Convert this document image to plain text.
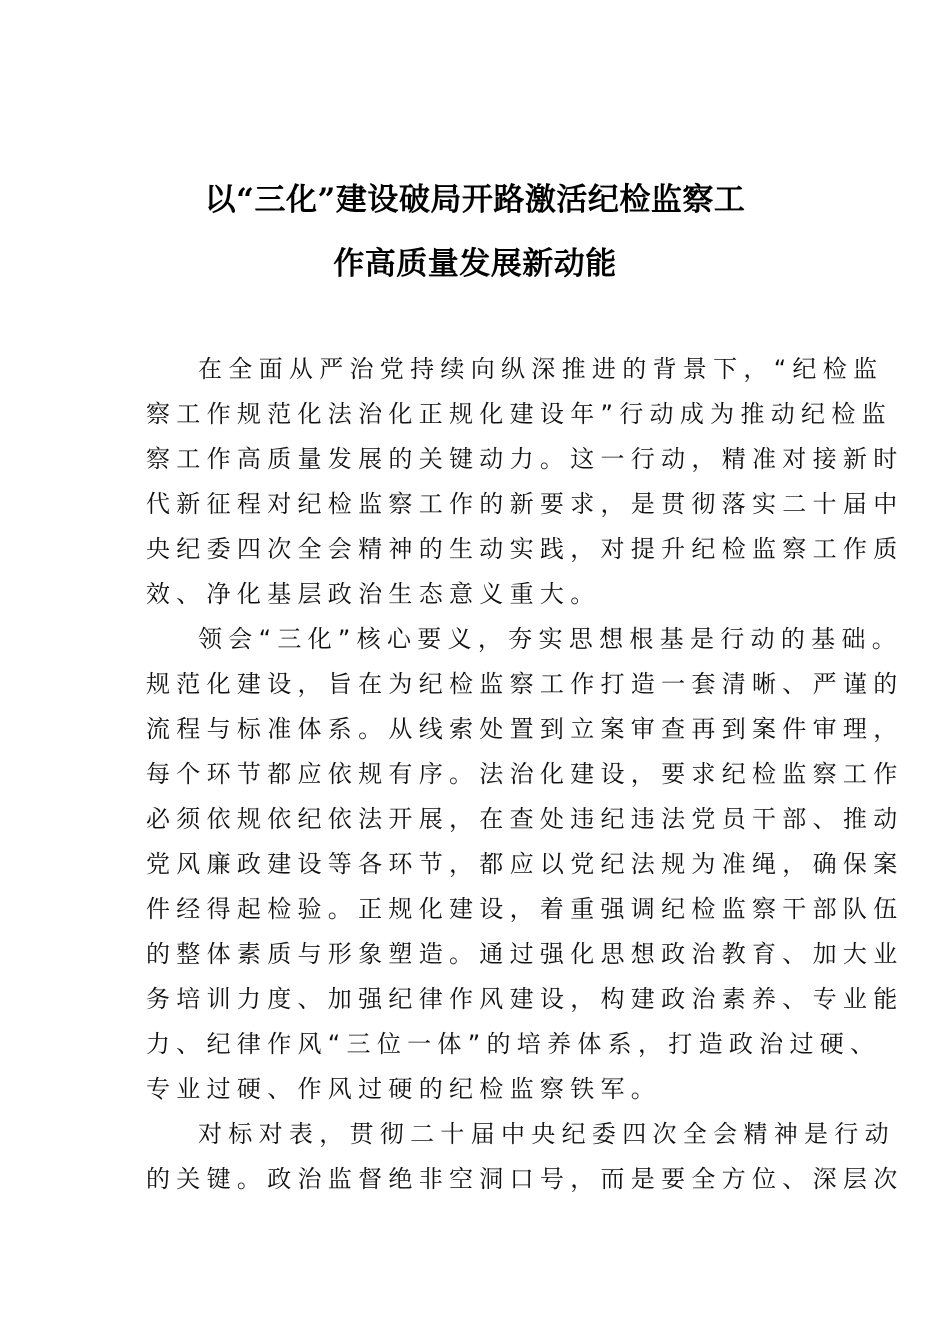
以“三化”建设破局开路激活纪检监察工
作高质量发展新动能
在全面从严治党持续向纵深推进的背景下，“纪检监
察工作规范化法治化正规化建设年”行动成为推动纪检监
察工作高质量发展的关键动力。这一行动，精准对接新时
代新征程对纪检监察工作的新要求，是贯彻落实二十届中
央纪委四次全会精神的生动实践，对提升纪检监察工作质
效、净化基层政治生态意义重大。
领会“三化”核心要义，夯实思想根基是行动的基础。
规范化建设，旨在为纪检监察工作打造一套清晰、严谨的
流程与标准体系。从线索处置到立案审查再到案件审理，
每个环节都应依规有序。法治化建设，要求纪检监察工作
必须依规依纪依法开展，在查处违纪违法党员干部、推动
党风廉政建设等各环节，都应以党纪法规为准绳，确保案
件经得起检验。正规化建设，着重强调纪检监察干部队伍
的整体素质与形象塑造。通过强化思想政治教育、加大业
务培训力度、加强纪律作风建设，构建政治素养、专业能
力、纪律作风“三位一体”的培养体系，打造政治过硬、
专业过硬、作风过硬的纪检监察铁军。
对标对表，贯彻二十届中央纪委四次全会精神是行动
的关键。政治监督绝非空洞口号，而是要全方位、深层次
